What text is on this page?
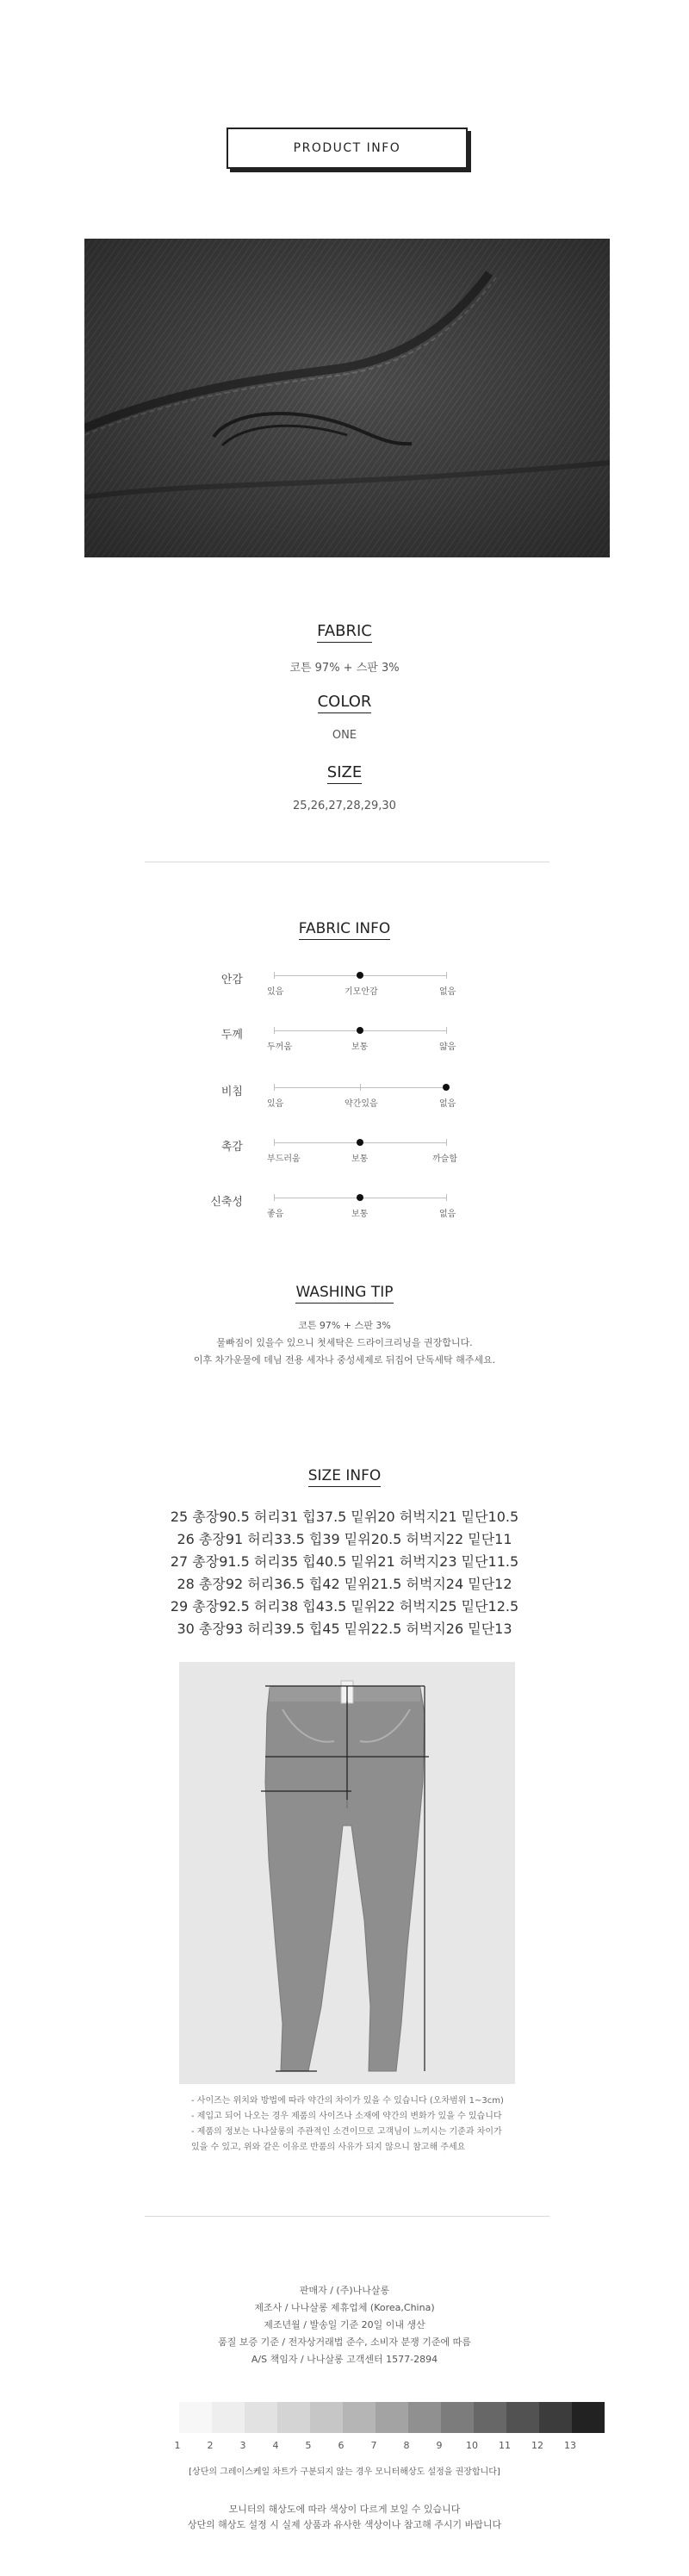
PRODUCT INFO
FABRIC
코튼 97% + 스판 3%
COLOR
ONE
SIZE
25,26,27,28,29,30
FABRIC INFO
안감
있음	기모안감	없음
두께
두꺼움	보통	얇음
비침
있음	약간있음	없음
촉감
부드러움	보통	까슬함
신축성
좋음	보통	없음
WASHING TIP
코튼 97% + 스판 3%
물빠짐이 있을수 있으니 첫세탁은 드라이크리닝을 권장합니다.
이후 차가운물에 데님 전용 세자나 중성세제로 뒤집어 단독세탁 해주세요.
SIZE INFO
25 총장90.5 허리31 힙37.5 밑위20 허벅지21 밑단10.5
26 총장91 허리33.5 힙39 밑위20.5 허벅지22 밑단11
27 총장91.5 허리35 힙40.5 밑위21 허벅지23 밑단11.5
28 총장92 허리36.5 힙42 밑위21.5 허벅지24 밑단12
29 총장92.5 허리38 힙43.5 밑위22 허벅지25 밑단12.5
30 총장93 허리39.5 힙45 밑위22.5 허벅지26 밑단13
- 사이즈는 위치와 방법에 따라 약간의 차이가 있을 수 있습니다 (오차범위 1~3cm)
- 제입고 되어 나오는 경우 제품의 사이즈나 소재에 약간의 변화가 있을 수 있습니다
- 제품의 정보는 나나살롱의 주관적인 소견이므로 고객님이 느끼시는 기준과 차이가
있을 수 있고, 위와 같은 이유로 반품의 사유가 되지 않으니 참고해 주세요
판매자 / (주)나나살롱
제조사 / 나나살롱 제휴업체 (Korea,China)
제조년월 / 발송일 기준 20일 이내 생산
품질 보증 기준 / 전자상거래법 준수, 소비자 분쟁 기준에 따름
A/S 책임자 / 나나살롱 고객센터 1577-2894
1	2	3	4	5	6	7	8	9	10	11	12	13
[상단의 그레이스케일 차트가 구분되지 않는 경우 모니터해상도 설정을 권장합니다]
모니터의 해상도에 따라 색상이 다르게 보일 수 있습니다
상단의 해상도 설정 시 실제 상품과 유사한 색상이나 참고해 주시기 바랍니다
